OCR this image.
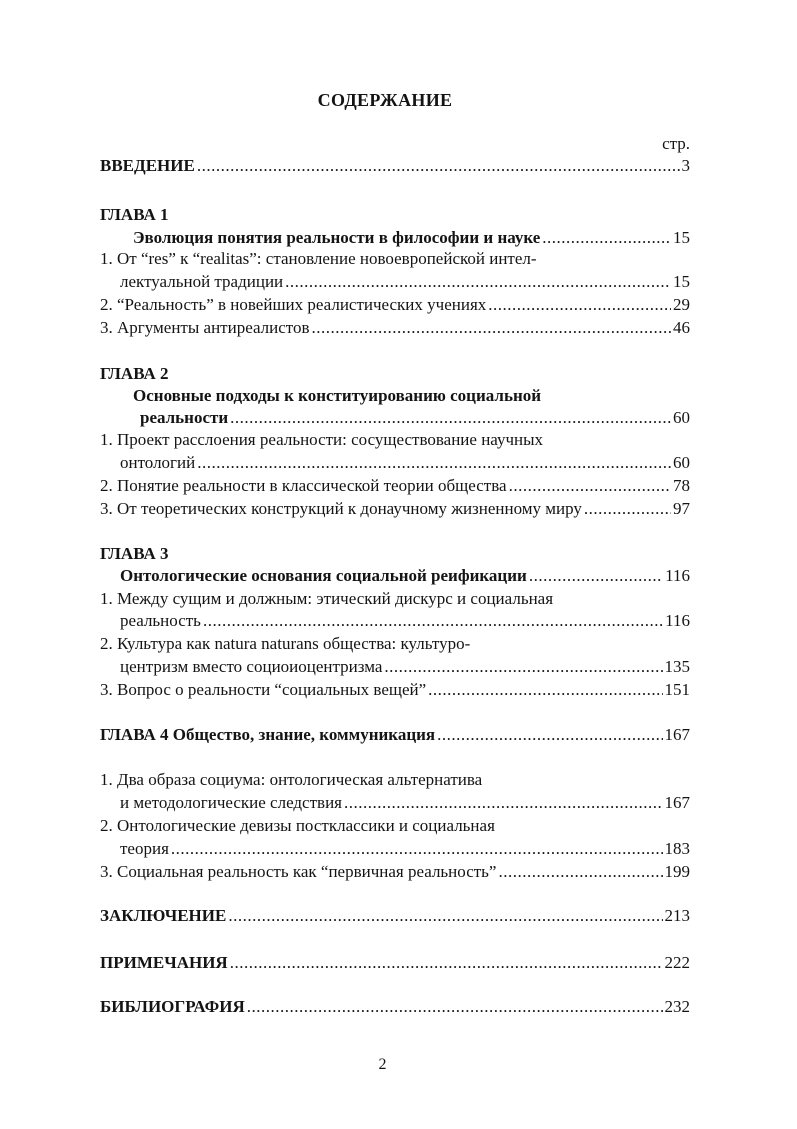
СОДЕРЖАНИЕ
стр.
ВВЕДЕНИЕ .....	3
ГЛАВА 1
Эволюция понятия реальности в философии и науке .....	15
1. От “res” к “realitas”: становление новоевропейской интел-
лектуальной традиции .....	15
2. “Реальность” в новейших реалистических учениях .....	29
3. Аргументы антиреалистов .....	46
ГЛАВА 2
Основные подходы к конституированию социальной
реальности .....	60
1. Проект расслоения реальности: сосуществование научных
онтологий .....	60
2. Понятие реальности в классической теории общества .....	78
3. От теоретических конструкций к донаучному жизненному миру .....	97
ГЛАВА 3
Онтологические основания социальной реификации .....	116
1. Между сущим и должным: этический дискурс и социальная
реальность .....	116
2. Культура как natura naturans общества: культуро-
центризм вместо социоиоцентризма .....	135
3. Вопрос о реальности “социальных вещей” .....	151
ГЛАВА 4 Общество, знание, коммуникация .....	167
1. Два образа социума: онтологическая альтернатива
и методологические следствия .....	167
2. Онтологические девизы постклассики и социальная
теория .....	183
3. Социальная реальность как “первичная реальность” .....	199
ЗАКЛЮЧЕНИЕ .....	213
ПРИМЕЧАНИЯ .....	222
БИБЛИОГРАФИЯ .....	232
2
